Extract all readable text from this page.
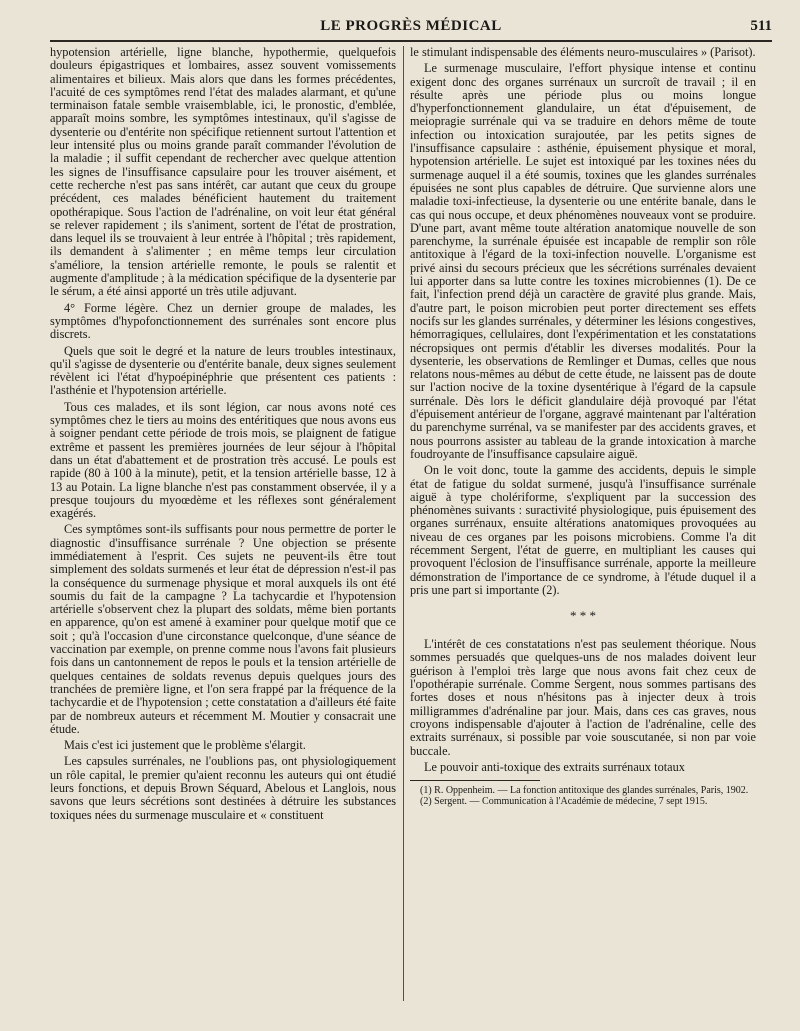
LE PROGRÈS MÉDICAL	511

hypotension artérielle, ligne blanche, hypothermie, quelquefois douleurs épigastriques et lombaires, assez souvent vomissements alimentaires et bilieux. Mais alors que dans les formes précédentes, l'acuité de ces symptômes rend l'état des malades alarmant, et qu'une terminaison fatale semble vraisemblable, ici, le pronostic, d'emblée, apparaît moins sombre, les symptômes intestinaux, qu'il s'agisse de dysenterie ou d'entérite non spécifique retiennent surtout l'attention et leur intensité plus ou moins grande paraît commander l'évolution de la maladie ; il suffit cependant de rechercher avec quelque attention les signes de l'insuffisance capsulaire pour les trouver aisément, et cette recherche n'est pas sans intérêt, car autant que ceux du groupe précédent, ces malades bénéficient hautement du traitement opothérapique. Sous l'action de l'adrénaline, on voit leur état général se relever rapidement ; ils s'animent, sortent de l'état de prostration, dans lequel ils se trouvaient à leur entrée à l'hôpital ; très rapidement, ils demandent à s'alimenter ; en même temps leur circulation s'améliore, la tension artérielle remonte, le pouls se ralentit et augmente d'amplitude ; à la médication spécifique de la dysenterie par le sérum, a été ainsi apporté un très utile adjuvant.

4° Forme légère. Chez un dernier groupe de malades, les symptômes d'hypofonctionnement des surrénales sont encore plus discrets.

Quels que soit le degré et la nature de leurs troubles intestinaux, qu'il s'agisse de dysenterie ou d'entérite banale, deux signes seulement révèlent ici l'état d'hypoépinéphrie que présentent ces patients : l'asthénie et l'hypotension artérielle.

Tous ces malades, et ils sont légion, car nous avons noté ces symptômes chez le tiers au moins des entéritiques que nous avons eus à soigner pendant cette période de trois mois, se plaignent de fatigue extrême et passent les premières journées de leur séjour à l'hôpital dans un état d'abattement et de prostration très accusé. Le pouls est rapide (80 à 100 à la minute), petit, et la tension artérielle basse, 12 à 13 au Potain. La ligne blanche n'est pas constamment observée, il y a presque toujours du myoœdème et les réflexes sont généralement exagérés.

Ces symptômes sont-ils suffisants pour nous permettre de porter le diagnostic d'insuffisance surrénale ? Une objection se présente immédiatement à l'esprit. Ces sujets ne peuvent-ils être tout simplement des soldats surmenés et leur état de dépression n'est-il pas la conséquence du surmenage physique et moral auxquels ils ont été soumis du fait de la campagne ? La tachycardie et l'hypotension artérielle s'observent chez la plupart des soldats, même bien portants en apparence, qu'on est amené à examiner pour quelque motif que ce soit ; qu'à l'occasion d'une circonstance quelconque, d'une séance de vaccination par exemple, on prenne comme nous l'avons fait plusieurs fois dans un cantonnement de repos le pouls et la tension artérielle de quelques centaines de soldats revenus depuis quelques jours des tranchées de première ligne, et l'on sera frappé par la fréquence de la tachycardie et de l'hypotension ; cette constatation a d'ailleurs été faite par de nombreux auteurs et récemment M. Moutier y consacrait une étude.

Mais c'est ici justement que le problème s'élargit.

Les capsules surrénales, ne l'oublions pas, ont physiologiquement un rôle capital, le premier qu'aient reconnu les auteurs qui ont étudié leurs fonctions, et depuis Brown Séquard, Abelous et Langlois, nous savons que leurs sécrétions sont destinées à détruire les substances toxiques nées du surmenage musculaire et « constituent

le stimulant indispensable des éléments neuro-musculaires » (Parisot).

Le surmenage musculaire, l'effort physique intense et continu exigent donc des organes surrénaux un surcroît de travail ; il en résulte après une période plus ou moins longue d'hyperfonctionnement glandulaire, un état d'épuisement, de meiopragie surrénale qui va se traduire en dehors même de toute infection ou intoxication surajoutée, par les petits signes de l'insuffisance capsulaire : asthénie, épuisement physique et moral, hypotension artérielle. Le sujet est intoxiqué par les toxines nées du surmenage auquel il a été soumis, toxines que les glandes surrénales épuisées ne sont plus capables de détruire. Que survienne alors une maladie toxi-infectieuse, la dysenterie ou une entérite banale, dans le cas qui nous occupe, et deux phénomènes nouveaux vont se produire. D'une part, avant même toute altération anatomique nouvelle de son parenchyme, la surrénale épuisée est incapable de remplir son rôle antitoxique à l'égard de la toxi-infection nouvelle. L'organisme est privé ainsi du secours précieux que les sécrétions surrénales devaient lui apporter dans sa lutte contre les toxines microbiennes (1). De ce fait, l'infection prend déjà un caractère de gravité plus grande. Mais, d'autre part, le poison microbien peut porter directement ses effets nocifs sur les glandes surrénales, y déterminer les lésions congestives, hémorragiques, cellulaires, dont l'expérimentation et les constatations nécropsiques ont permis d'établir les diverses modalités. Pour la dysenterie, les observations de Remlinger et Dumas, celles que nous relatons nous-mêmes au début de cette étude, ne laissent pas de doute sur l'action nocive de la toxine dysentérique à l'égard de la capsule surrénale. Dès lors le déficit glandulaire déjà provoqué par l'état d'épuisement antérieur de l'organe, aggravé maintenant par l'altération du parenchyme surrénal, va se manifester par des accidents graves, et nous pourrons assister au tableau de la grande intoxication à marche foudroyante de l'insuffisance capsulaire aiguë.

On le voit donc, toute la gamme des accidents, depuis le simple état de fatigue du soldat surmené, jusqu'à l'insuffisance surrénale aiguë à type cholériforme, s'expliquent par la succession des phénomènes suivants : suractivité physiologique, puis épuisement des organes surrénaux, ensuite altérations anatomiques provoquées au niveau de ces organes par les poisons microbiens. Comme l'a dit récemment Sergent, l'état de guerre, en multipliant les causes qui provoquent l'éclosion de l'insuffisance surrénale, apporte la meilleure démonstration de l'importance de ce syndrome, à l'étude duquel il a pris une part si importante (2).

* * *

L'intérêt de ces constatations n'est pas seulement théorique. Nous sommes persuadés que quelques-uns de nos malades doivent leur guérison à l'emploi très large que nous avons fait chez ceux de l'opothérapie surrénale. Comme Sergent, nous sommes partisans des fortes doses et nous n'hésitons pas à injecter deux à trois milligrammes d'adrénaline par jour. Mais, dans ces cas graves, nous croyons indispensable d'ajouter à l'action de l'adrénaline, celle des extraits surrénaux, si possible par voie souscutanée, si non par voie buccale.

Le pouvoir anti-toxique des extraits surrénaux totaux

(1) R. Oppenheim. — La fonction antitoxique des glandes surrénales, Paris, 1902.

(2) Sergent. — Communication à l'Académie de médecine, 7 sept 1915.
